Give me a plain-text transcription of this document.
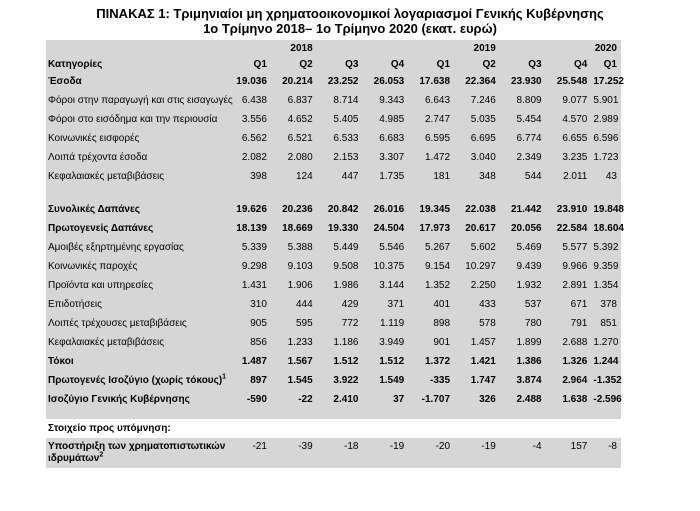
ΠΙΝΑΚΑΣ 1: Τριμηνιαίοι μη χρηματοοικονομικοί λογαριασμοί Γενικής Κυβέρνησης
1ο Τρίμηνο 2018– 1ο Τρίμηνο 2020 (εκατ. ευρώ)
		2018				2019			2020
Κατηγορίες	Q1	Q2	Q3	Q4	Q1	Q2	Q3	Q4	Q1
Έσοδα	19.036	20.214	23.252	26.053	17.638	22.364	23.930	25.548	17.252
Φόροι στην παραγωγή και στις εισαγωγές	6.438	6.837	8.714	9.343	6.643	7.246	8.809	9.077	5.901
Φόροι στο εισόδημα και την περιουσία	3.556	4.652	5.405	4.985	2.747	5.035	5.454	4.570	2.989
Κοινωνικές εισφορές	6.562	6.521	6.533	6.683	6.595	6.695	6.774	6.655	6.596
Λοιπά τρέχοντα έσοδα	2.082	2.080	2.153	3.307	1.472	3.040	2.349	3.235	1.723
Κεφαλαιακές μεταβιβάσεις	398	124	447	1.735	181	348	544	2.011	43

Συνολικές Δαπάνες	19.626	20.236	20.842	26.016	19.345	22.038	21.442	23.910	19.848
Πρωτογενείς Δαπάνες	18.139	18.669	19.330	24.504	17.973	20.617	20.056	22.584	18.604
Αμοιβές εξηρτημένης εργασίας	5.339	5.388	5.449	5.546	5.267	5.602	5.469	5.577	5.392
Κοινωνικές παροχές	9.298	9.103	9.508	10.375	9.154	10.297	9.439	9.966	9.359
Προϊόντα και υπηρεσίες	1.431	1.906	1.986	3.144	1.352	2.250	1.932	2.891	1.354
Επιδοτήσεις	310	444	429	371	401	433	537	671	378
Λοιπές τρέχουσες μεταβιβάσεις	905	595	772	1.119	898	578	780	791	851
Κεφαλαιακές μεταβιβάσεις	856	1.233	1.186	3.949	901	1.457	1.899	2.688	1.270
Τόκοι	1.487	1.567	1.512	1.512	1.372	1.421	1.386	1.326	1.244
Πρωτογενές Ισοζύγιο (χωρίς τόκους)$^1$	897	1.545	3.922	1.549	-335	1.747	3.874	2.964	-1.352
Ισοζύγιο Γενικής Κυβέρνησης	-590	-22	2.410	37	-1.707	326	2.488	1.638	-2.596

Στοιχείο προς υπόμνηση:									

Υποστήριξη των χρηματοπιστωτικών
ιδρυμάτων$^2$	-21	-39	-18	-19	-20	-19	-4	157	-8
